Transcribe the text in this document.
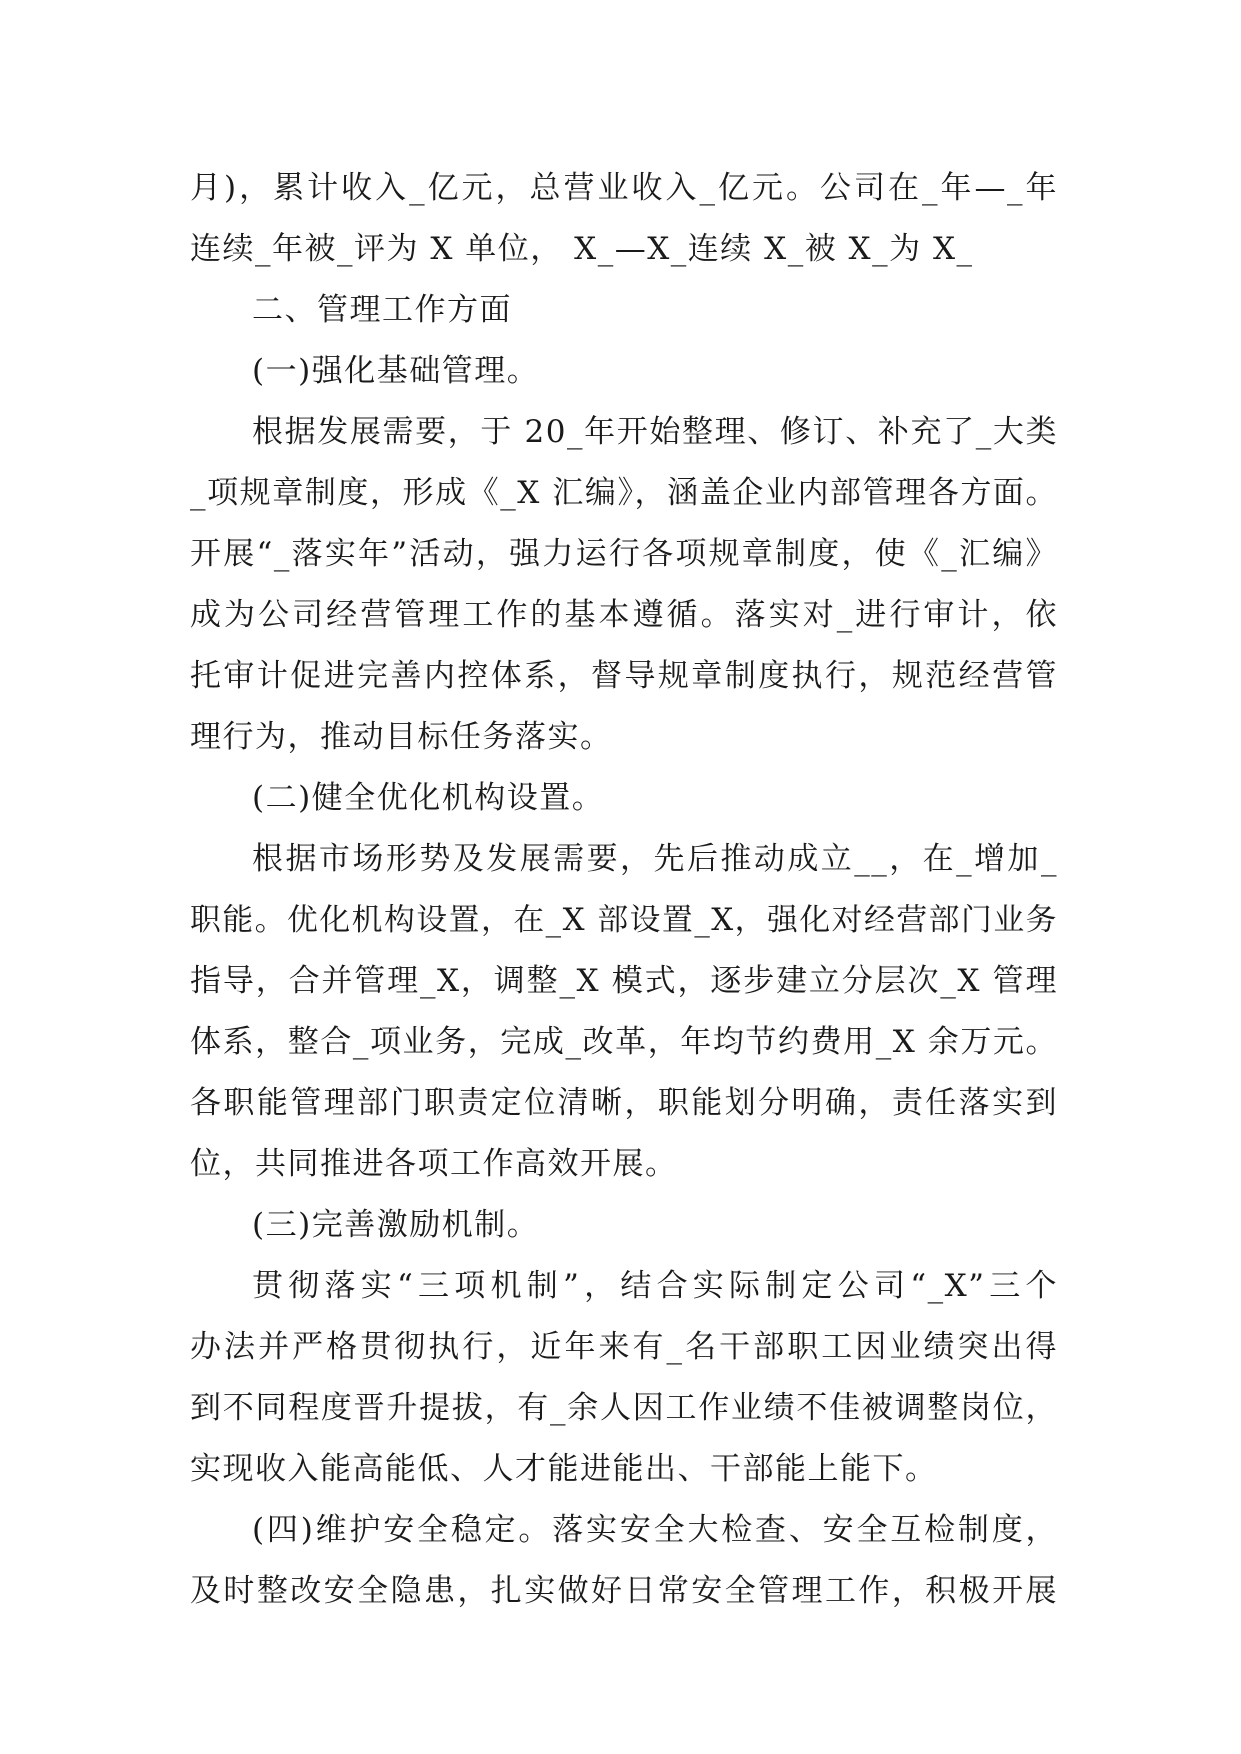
月)，累计收入_亿元，总营业收入_亿元。公司在_年—_年
连续_年被_评为 X 单位， X_—X_连续 X_被 X_为 X_
二、管理工作方面
(一)强化基础管理。
根据发展需要，于 20_年开始整理、修订、补充了_大类
_项规章制度，形成《_X 汇编》，涵盖企业内部管理各方面。
开展“_落实年”活动，强力运行各项规章制度，使《_汇编》
成为公司经营管理工作的基本遵循。落实对_进行审计，依
托审计促进完善内控体系，督导规章制度执行，规范经营管
理行为，推动目标任务落实。
(二)健全优化机构设置。
根据市场形势及发展需要，先后推动成立__，在_增加_
职能。优化机构设置，在_X 部设置_X，强化对经营部门业务
指导，合并管理_X，调整_X 模式，逐步建立分层次_X 管理
体系，整合_项业务，完成_改革，年均节约费用_X 余万元。
各职能管理部门职责定位清晰，职能划分明确，责任落实到
位，共同推进各项工作高效开展。
(三)完善激励机制。
贯彻落实“三项机制”，结合实际制定公司“_X”三个
办法并严格贯彻执行，近年来有_名干部职工因业绩突出得
到不同程度晋升提拔，有_余人因工作业绩不佳被调整岗位，
实现收入能高能低、人才能进能出、干部能上能下。
(四)维护安全稳定。落实安全大检查、安全互检制度，
及时整改安全隐患，扎实做好日常安全管理工作，积极开展
